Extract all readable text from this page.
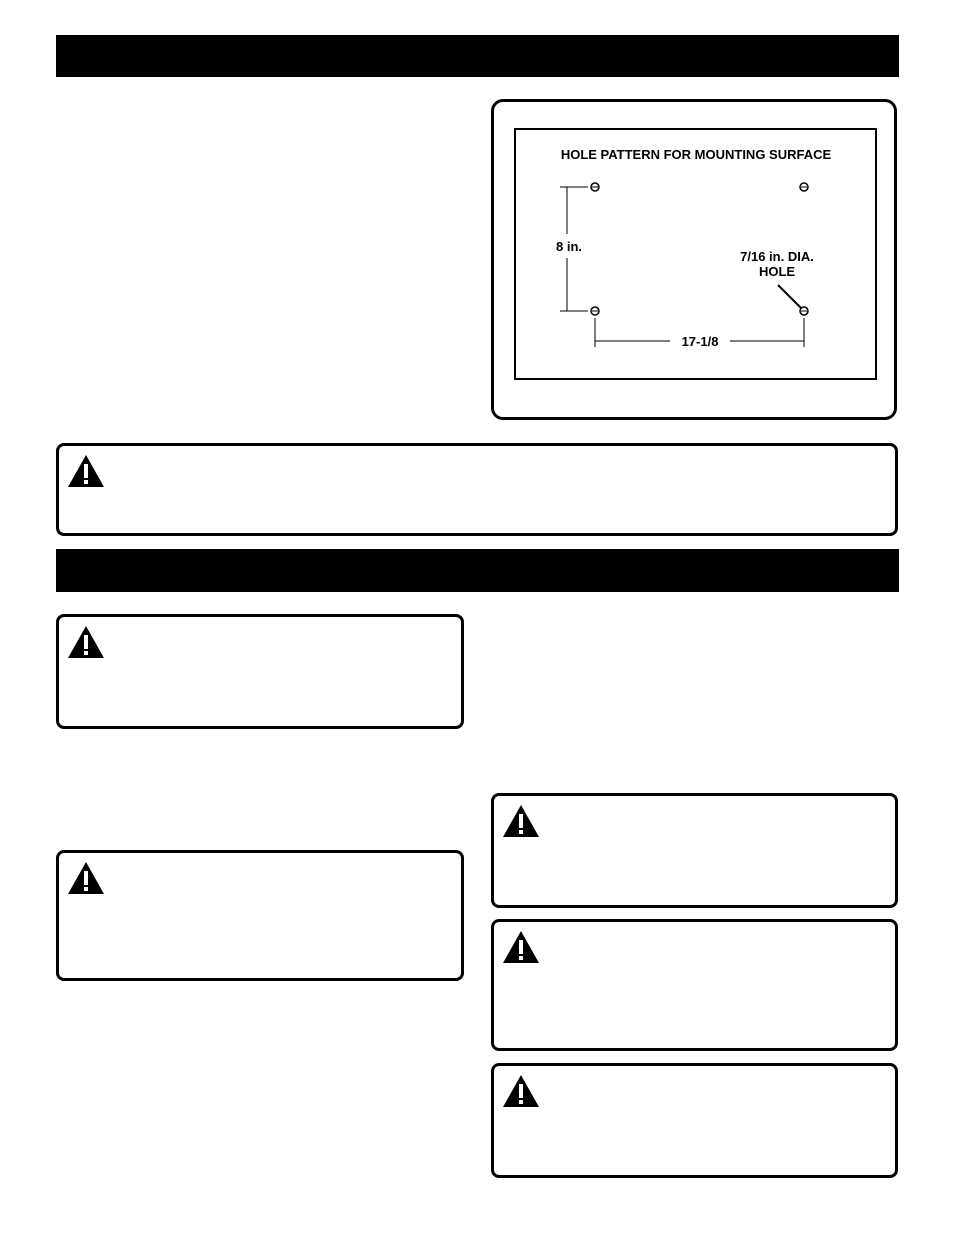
HOLE PATTERN FOR MOUNTING SURFACE
8 in.
7/16 in. DIA.
HOLE
17-1/8
